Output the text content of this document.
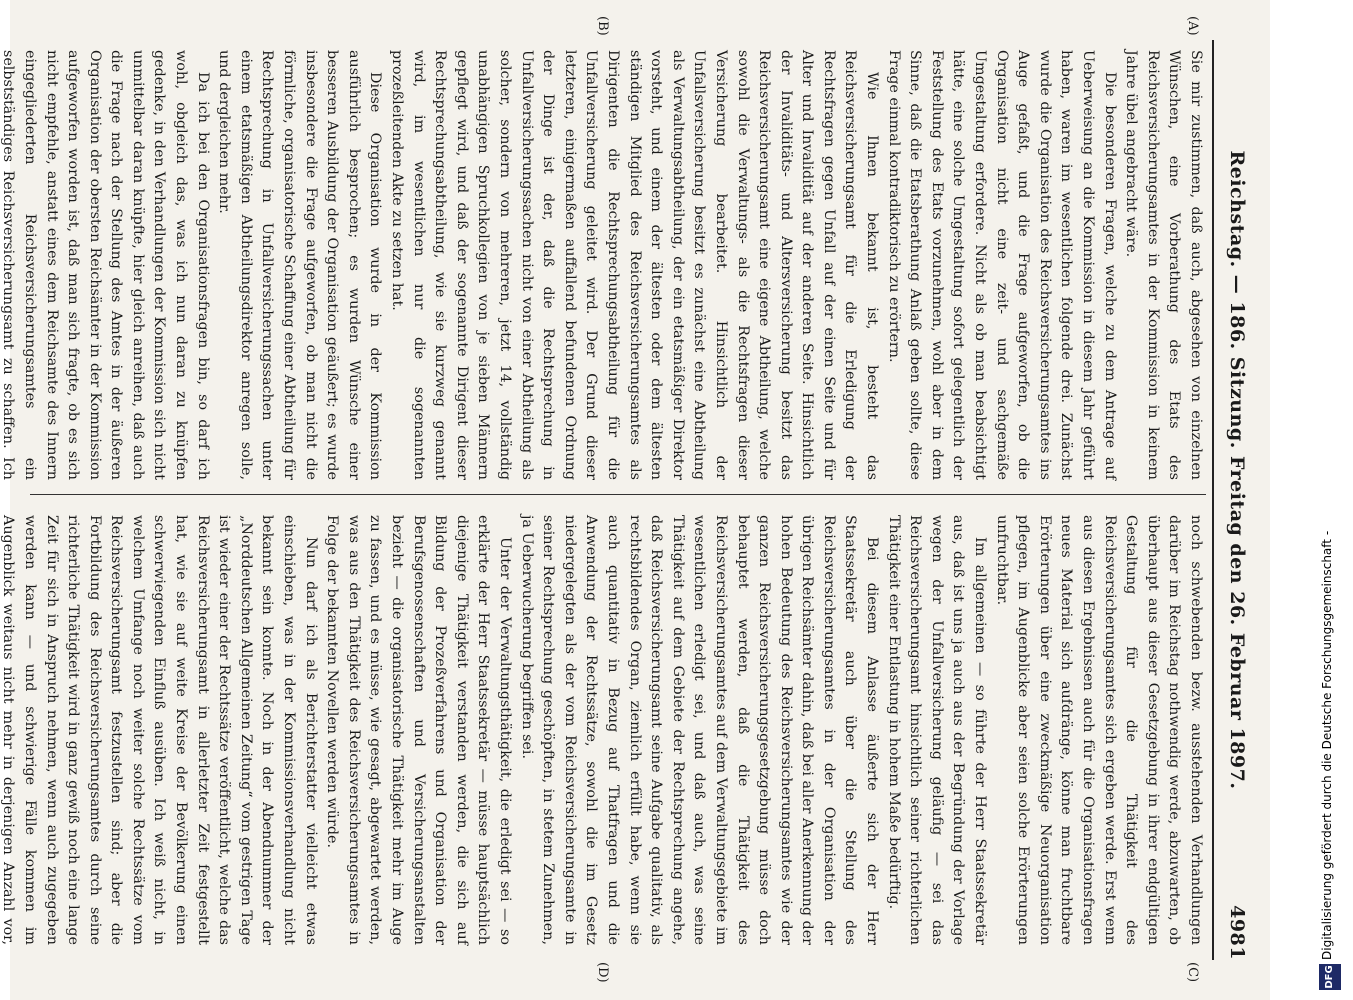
Reichstag. — 186. Sitzung. Freitag den 26. Februar 1897.
4981
(A)
(B)
(C)
(D)

Sie mir zustimmen, daß auch, abgesehen von einzelnen Wünschen, eine Vorberathung des Etats des Reichsversicherungsamtes in der Kommission in keinem Jahre übel angebracht wäre.

Die besonderen Fragen, welche zu dem Antrage auf Ueberweisung an die Kommission in diesem Jahr geführt haben, waren im wesentlichen folgende drei. Zunächst wurde die Organisation des Reichsversicherungsamtes ins Auge gefaßt, und die Frage aufgeworfen, ob die Organisation nicht eine zeit- und sachgemäße Umgestaltung erfordere. Nicht als ob man beabsichtigt hätte, eine solche Umgestaltung sofort gelegentlich der Feststellung des Etats vorzunehmen, wohl aber in dem Sinne, daß die Etatsberathung Anlaß geben sollte, diese Frage einmal kontradiktorisch zu erörtern.

Wie Ihnen bekannt ist, besteht das Reichsversicherungsamt für die Erledigung der Rechtsfragen gegen Unfall auf der einen Seite und für Alter und Invalidität auf der anderen Seite. Hinsichtlich der Invaliditäts- und Altersversicherung besitzt das Reichsversicherungsamt eine eigene Abtheilung, welche sowohl die Verwaltungs- als die Rechtsfragen dieser Versicherung bearbeitet. Hinsichtlich der Unfallsversicherung besitzt es zunächst eine Abtheilung als Verwaltungsabtheilung, der ein etatsmäßiger Direktor vorsteht, und einem der ältesten oder dem ältesten ständigen Mitglied des Reichsversicherungsamtes als Dirigenten die Rechtsprechungsabtheilung für die Unfallversicherung geleitet wird. Der Grund dieser letzteren, einigermaßen auffallend befundenen Ordnung der Dinge ist der, daß die Rechtsprechung in Unfallversicherungssachen nicht von einer Abtheilung als solcher, sondern von mehreren, jetzt 14, vollständig unabhängigen Spruchkollegien von je sieben Männern gepflegt wird, und daß der sogenannte Dirigent dieser Rechtsprechungsabtheilung, wie sie kurzweg genannt wird, im wesentlichen nur die sogenannten prozeßleitenden Akte zu setzen hat.

Diese Organisation wurde in der Kommission ausführlich besprochen; es wurden Wünsche einer besseren Ausbildung der Organisation geäußert; es wurde insbesondere die Frage aufgeworfen, ob man nicht die förmliche, organisatorische Schaffung einer Abtheilung für Rechtsprechung in Unfallversicherungssachen unter einem etatsmäßigen Abtheilungsdirektor anregen solle, und dergleichen mehr.

Da ich bei den Organisationsfragen bin, so darf ich wohl, obgleich das, was ich nun daran zu knüpfen gedenke, in den Verhandlungen der Kommission sich nicht unmittelbar daran knüpfte, hier gleich anreihen, daß auch die Frage nach der Stellung des Amtes in der äußeren Organisation der obersten Reichsämter in der Kommission aufgeworfen worden ist, daß man sich fragte, ob es sich nicht empfehle, anstatt eines dem Reichsamte des Innern eingegliederten Reichsversicherungsamtes ein selbstständiges Reichsversicherungsamt zu schaffen. Ich

noch schwebenden bezw. ausstehenden Verhandlungen darüber im Reichstag nothwendig werde, abzuwarten, ob überhaupt aus dieser Gesetzgebung in ihrer endgültigen Gestaltung für die Thätigkeit des Reichsversicherungsamtes sich ergeben werde. Erst wenn aus diesen Ergebnissen auch für die Organisationsfragen neues Material sich aufdränge, könne man fruchtbare Erörterungen über eine zweckmäßige Neuorganisation pflegen, im Augenblicke aber seien solche Erörterungen unfruchtbar.

Im allgemeinen — so führte der Herr Staatssekretär aus, daß ist uns ja auch aus der Begründung der Vorlage wegen der Unfallversicherung geläufig — sei das Reichsversicherungsamt hinsichtlich seiner richterlichen Thätigkeit einer Entlastung in hohem Maße bedürftig.

Bei diesem Anlasse äußerte sich der Herr Staatssekretär auch über die Stellung des Reichsversicherungsamtes in der Organisation der übrigen Reichsämter dahin, daß bei aller Anerkennung der hohen Bedeutung des Reichsversicherungsamtes wie der ganzen Reichsversicherungsgesetzgebung müsse doch behauptet werden, daß die Thätigkeit des Reichsversicherungsamtes auf dem Verwaltungsgebiete im wesentlichen erledigt sei, und daß auch, was seine Thätigkeit auf dem Gebiete der Rechtsprechung angehe, daß Reichsversicherungsamt seine Aufgabe qualitativ, als rechtsbildendes Organ, ziemlich erfüllt habe, wenn sie auch quantitativ in Bezug auf Thatfragen und die Anwendung der Rechtssätze, sowohl die im Gesetz niedergelegten als der vom Reichsversicherungsamte in seiner Rechtsprechung geschöpften, in stetem Zunehmen, ja Ueberwucherung begriffen sei.

Unter der Verwaltungsthätigkeit, die erledigt sei — so erklärte der Herr Staatssekretär — müsse hauptsächlich diejenige Thätigkeit verstanden werden, die sich auf Bildung der Prozeßverfahrens und Organisation der Berufsgenossenschaften und Versicherungsanstalten bezieht — die organisatorische Thätigkeit mehr im Auge zu fassen, und es müsse, wie gesagt, abgewartet werden, was aus den Thätigkeit des Reichsversicherungsamtes in Folge der bekannten Novellen werden würde.

Nun darf ich als Berichterstatter vielleicht etwas einschieben, was in der Kommissionsverhandlung nicht bekannt sein konnte. Noch in der Abendnummer der „Norddeutschen Allgemeinen Zeitung“ vom gestrigen Tage ist wieder einer der Rechtssätze veröffentlicht, welche das Reichsversicherungsamt in allerletzter Zeit festgestellt hat, wie sie auf weite Kreise der Bevölkerung einen schwerwiegenden Einfluß ausüben. Ich weiß nicht, in welchem Umfange noch weiter solche Rechtssätze vom Reichsversicherungsamt festzustellen sind; aber die Fortbildung des Reichsversicherungsamtes durch seine richterliche Thätigkeit wird in ganz gewiß noch eine lange Zeit für sich in Anspruch nehmen, wenn auch zugegeben werden kann — und schwierige Fälle kommen im Augenblick weitaus nicht mehr in derjenigen Anzahl vor,	Digitalisierung gefördert durch die Deutsche Forschungsgemeinschaft -
DFG
